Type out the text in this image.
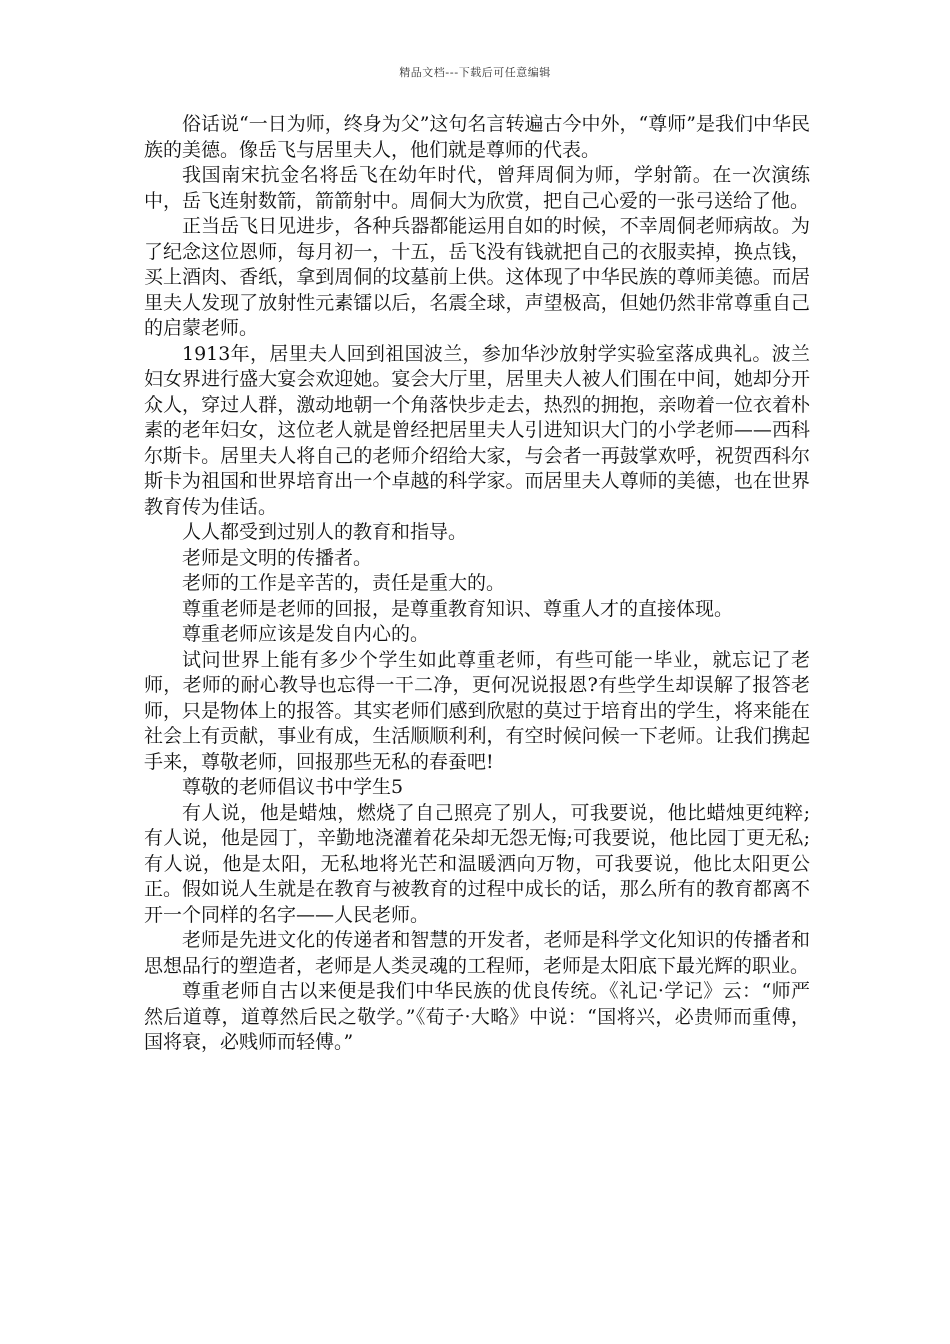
精品文档---下载后可任意编辑

俗话说“一日为师，终身为父”这句名言转遍古今中外，“尊师”是我们中华民族的美德。像岳飞与居里夫人，他们就是尊师的代表。

我国南宋抗金名将岳飞在幼年时代，曾拜周侗为师，学射箭。在一次演练中，岳飞连射数箭，箭箭射中。周侗大为欣赏，把自己心爱的一张弓送给了他。

正当岳飞日见进步，各种兵器都能运用自如的时候，不幸周侗老师病故。为了纪念这位恩师，每月初一，十五，岳飞没有钱就把自己的衣服卖掉，换点钱，买上酒肉、香纸，拿到周侗的坟墓前上供。这体现了中华民族的尊师美德。而居里夫人发现了放射性元素镭以后，名震全球，声望极高，但她仍然非常尊重自己的启蒙老师。

1913年，居里夫人回到祖国波兰，参加华沙放射学实验室落成典礼。波兰妇女界进行盛大宴会欢迎她。宴会大厅里，居里夫人被人们围在中间，她却分开众人，穿过人群，激动地朝一个角落快步走去，热烈的拥抱，亲吻着一位衣着朴素的老年妇女，这位老人就是曾经把居里夫人引进知识大门的小学老师——西科尔斯卡。居里夫人将自己的老师介绍给大家，与会者一再鼓掌欢呼，祝贺西科尔斯卡为祖国和世界培育出一个卓越的科学家。而居里夫人尊师的美德，也在世界教育传为佳话。

人人都受到过别人的教育和指导。

老师是文明的传播者。

老师的工作是辛苦的，责任是重大的。

尊重老师是老师的回报，是尊重教育知识、尊重人才的直接体现。

尊重老师应该是发自内心的。

试问世界上能有多少个学生如此尊重老师，有些可能一毕业，就忘记了老师，老师的耐心教导也忘得一干二净，更何况说报恩?有些学生却误解了报答老师，只是物体上的报答。其实老师们感到欣慰的莫过于培育出的学生，将来能在社会上有贡献，事业有成，生活顺顺利利，有空时候问候一下老师。让我们携起手来，尊敬老师，回报那些无私的春蚕吧!

尊敬的老师倡议书中学生5

有人说，他是蜡烛，燃烧了自己照亮了别人，可我要说，他比蜡烛更纯粹;有人说，他是园丁，辛勤地浇灌着花朵却无怨无悔;可我要说，他比园丁更无私;有人说，他是太阳，无私地将光芒和温暖洒向万物，可我要说，他比太阳更公正。假如说人生就是在教育与被教育的过程中成长的话，那么所有的教育都离不开一个同样的名字——人民老师。

老师是先进文化的传递者和智慧的开发者，老师是科学文化知识的传播者和思想品行的塑造者，老师是人类灵魂的工程师，老师是太阳底下最光辉的职业。

尊重老师自古以来便是我们中华民族的优良传统。《礼记·学记》云：“师严然后道尊，道尊然后民之敬学。”《荀子·大略》中说：“国将兴，必贵师而重傅，国将衰，必贱师而轻傅。”
